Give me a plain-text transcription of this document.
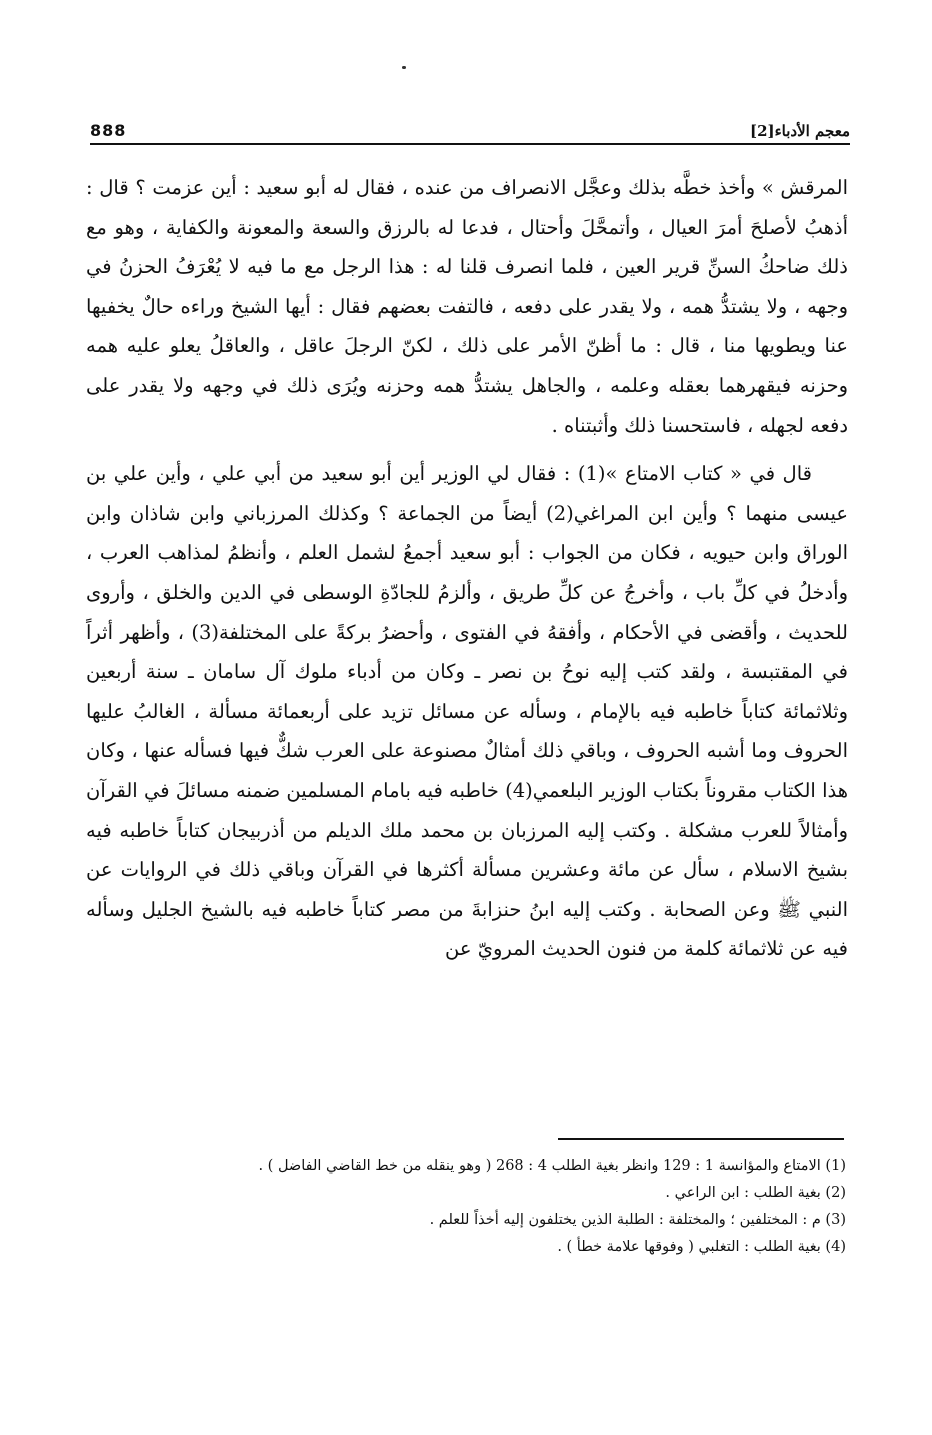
888	معجم الأدباء[2]

المرقش » وأخذ خطَّه بذلك وعجَّل الانصراف من عنده ، فقال له أبو سعيد : أين عزمت ؟ قال : أذهبُ لأصلحَ أمرَ العيال ، وأتمحَّلَ وأحتال ، فدعا له بالرزق والسعة والمعونة والكفاية ، وهو مع ذلك ضاحكُ السنِّ قرير العين ، فلما انصرف قلنا له : هذا الرجل مع ما فيه لا يُعْرَفُ الحزنُ في وجهه ، ولا يشتدُّ همه ، ولا يقدر على دفعه ، فالتفت بعضهم فقال : أيها الشيخ وراءه حالٌ يخفيها عنا ويطويها منا ، قال : ما أظنّ الأمر على ذلك ، لكنّ الرجلَ عاقل ، والعاقلُ يعلو عليه همه وحزنه فيقهرهما بعقله وعلمه ، والجاهل يشتدُّ همه وحزنه ويُرَى ذلك في وجهه ولا يقدر على دفعه لجهله ، فاستحسنا ذلك وأثبتناه .

قال في « كتاب الامتاع »(1) : فقال لي الوزير أين أبو سعيد من أبي علي ، وأين علي بن عيسى منهما ؟ وأين ابن المراغي(2) أيضاً من الجماعة ؟ وكذلك المرزباني وابن شاذان وابن الوراق وابن حيويه ، فكان من الجواب : أبو سعيد أجمعُ لشمل العلم ، وأنظمُ لمذاهب العرب ، وأدخلُ في كلِّ باب ، وأخرجُ عن كلِّ طريق ، وألزمُ للجادّةِ الوسطى في الدين والخلق ، وأروى للحديث ، وأقضى في الأحكام ، وأفقهُ في الفتوى ، وأحضرُ بركةً على المختلفة(3) ، وأظهر أثراً في المقتبسة ، ولقد كتب إليه نوحُ بن نصر ـ وكان من أدباء ملوك آل سامان ـ سنة أربعين وثلاثمائة كتاباً خاطبه فيه بالإمام ، وسأله عن مسائل تزيد على أربعمائة مسألة ، الغالبُ عليها الحروف وما أشبه الحروف ، وباقي ذلك أمثالٌ مصنوعة على العرب شكٌّ فيها فسأله عنها ، وكان هذا الكتاب مقروناً بكتاب الوزير البلعمي(4) خاطبه فيه بامام المسلمين ضمنه مسائلَ في القرآن وأمثالاً للعرب مشكلة . وكتب إليه المرزبان بن محمد ملك الديلم من أذربيجان كتاباً خاطبه فيه بشيخ الاسلام ، سأل عن مائة وعشرين مسألة أكثرها في القرآن وباقي ذلك في الروايات عن النبي ﷺ وعن الصحابة . وكتب إليه ابنُ حنزابةَ من مصر كتاباً خاطبه فيه بالشيخ الجليل وسأله فيه عن ثلاثمائة كلمة من فنون الحديث المرويّ عن

(1) الامتاع والمؤانسة 1 : 129 وانظر بغية الطلب 4 : 268 ( وهو ينقله من خط القاضي الفاضل ) .

(2) بغية الطلب : ابن الراعي .

(3) م : المختلفين ؛ والمختلفة : الطلبة الذين يختلفون إليه أخذاً للعلم .

(4) بغية الطلب : التغلبي ( وفوقها علامة خطأ ) .
